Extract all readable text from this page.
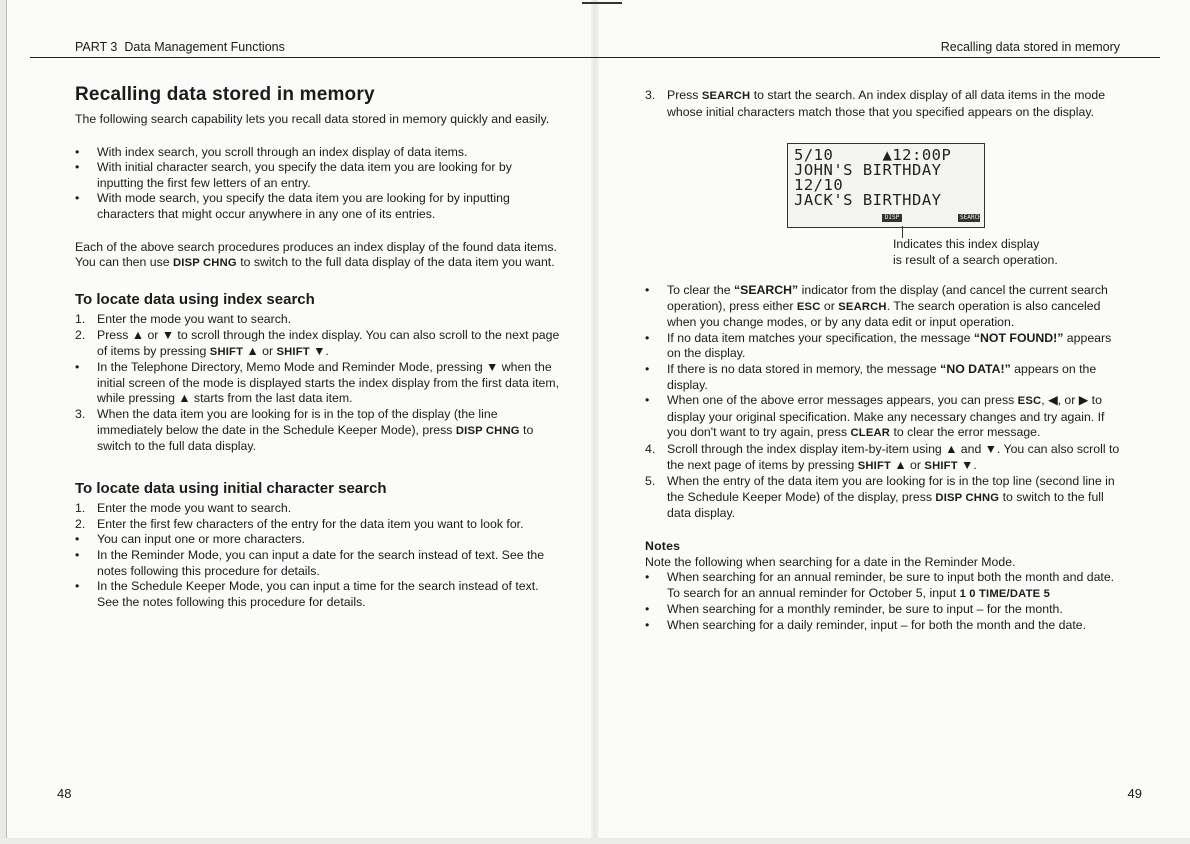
PART 3 Data Management Functions
Recalling data stored in memory

The following search capability lets you recall data stored in memory quickly and easily.

•	With index search, you scroll through an index display of data items.
•	With initial character search, you specify the data item you are looking for by inputting the first few letters of an entry.
•	With mode search, you specify the data item you are looking for by inputting characters that might occur anywhere in any one of its entries.

Each of the above search procedures produces an index display of the found data items. You can then use DISP CHNG to switch to the full data display of the data item you want.

To locate data using index search
1. Enter the mode you want to search.
2. Press ▲ or ▼ to scroll through the index display. You can also scroll to the next page of items by pressing SHIFT ▲ or SHIFT ▼.
•	In the Telephone Directory, Memo Mode and Reminder Mode, pressing ▼ when the initial screen of the mode is displayed starts the index display from the first data item, while pressing ▲ starts from the last data item.
3. When the data item you are looking for is in the top of the display (the line immediately below the date in the Schedule Keeper Mode), press DISP CHNG to switch to the full data display.
To locate data using initial character search
1. Enter the mode you want to search.
2. Enter the first few characters of the entry for the data item you want to look for.
•	You can input one or more characters.
•	In the Reminder Mode, you can input a date for the search instead of text. See the notes following this procedure for details.
•	In the Schedule Keeper Mode, you can input a time for the search instead of text. See the notes following this procedure for details.
48
Recalling data stored in memory
49
3. Press SEARCH to start the search. An index display of all data items in the mode whose initial characters match those that you specified appears on the display.
5/10     ▲12:00P
JOHN'S BIRTHDAY
12/10
JACK'S BIRTHDAY
DISP	SEARCH

Indicates this index display

is result of a search operation.

•	To clear the “SEARCH” indicator from the display (and cancel the current search operation), press either ESC or SEARCH. The search operation is also canceled when you change modes, or by any data edit or input operation.
•	If no data item matches your specification, the message “NOT FOUND!” appears on the display.
•	If there is no data stored in memory, the message “NO DATA!” appears on the display.
•	When one of the above error messages appears, you can press ESC, ◀, or ▶ to display your original specification. Make any necessary changes and try again. If you don't want to try again, press CLEAR to clear the error message.
4. Scroll through the index display item-by-item using ▲ and ▼. You can also scroll to the next page of items by pressing SHIFT ▲ or SHIFT ▼.
5. When the entry of the data item you are looking for is in the top line (second line in the Schedule Keeper Mode) of the display, press DISP CHNG to switch to the full data display.

Notes

Note the following when searching for a date in the Reminder Mode.

•	When searching for an annual reminder, be sure to input both the month and date. To search for an annual reminder for October 5, input 1 0 TIME/DATE 5
•	When searching for a monthly reminder, be sure to input – for the month.
•	When searching for a daily reminder, input – for both the month and the date.
